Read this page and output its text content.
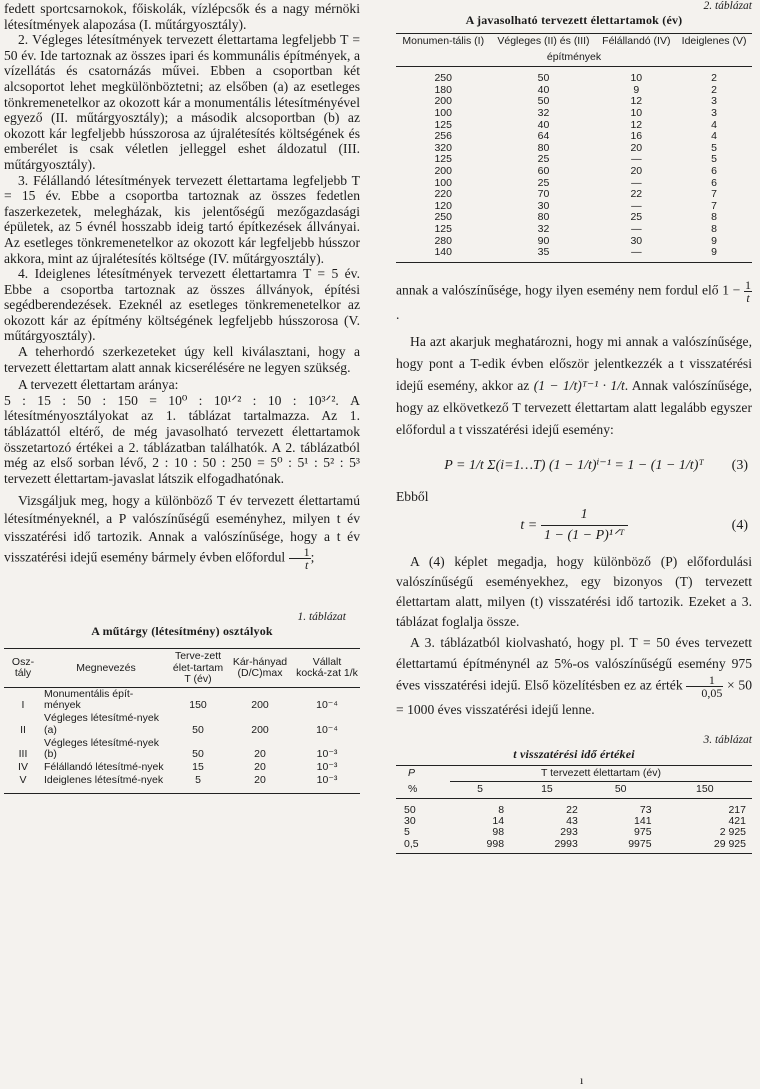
fedett sportcsarnokok, főiskolák, vízlépcsők és a nagy mérnöki létesítmények alapozása (I. műtárgyosztály).

2. Végleges létesítmények tervezett élettartama legfeljebb T = 50 év. Ide tartoznak az összes ipari és kommunális építmények, a vízellátás és csatornázás művei. Ebben a csoportban két alcsoportot lehet megkülönböztetni; az elsőben (a) az esetleges tönkremenetelkor az okozott kár a monumentális létesítményével egyező (II. műtárgyosztály); a második alcsoportban (b) az okozott kár legfeljebb hússzorosa az újralétesítés költségének és emberélet is csak véletlen jelleggel eshet áldozatul (III. műtárgyosztály).

3. Félállandó létesítmények tervezett élettartama legfeljebb T = 15 év. Ebbe a csoportba tartoznak az összes fedetlen faszerkezetek, melegházak, kis jelentőségű mezőgazdasági épületek, az 5 évnél hosszabb ideig tartó építkezések állványai. Az esetleges tönkremenetelkor az okozott kár legfeljebb hússzor akkora, mint az újralétesítés költsége (IV. műtárgyosztály).

4. Ideiglenes létesítmények tervezett élettartamra T = 5 év. Ebbe a csoportba tartoznak az összes állványok, építési segédberendezések. Ezeknél az esetleges tönkremenetelkor az okozott kár az építmény költségének legfeljebb hússzorosa (V. műtárgyosztály).

A teherhordó szerkezeteket úgy kell kiválasztani, hogy a tervezett élettartam alatt annak kicserélésére ne legyen szükség.

A tervezett élettartam aránya:

5 : 15 : 50 : 150 = 10⁰ : 10¹ᐟ² : 10 : 10³ᐟ². A létesítményosztályokat az 1. táblázat tartalmazza. Az 1. táblázattól eltérő, de még javasolható tervezett élettartamok összetartozó értékei a 2. táblázatban találhatók. A 2. táblázatból még az első sorban lévő, 2 : 10 : 50 : 250 = 5⁰ : 5¹ : 5² : 5³ tervezett élettartam-javaslat látszik elfogadhatónak.

Vizsgáljuk meg, hogy a különböző T év tervezett élettartamú létesítményeknél, a P valószínűségű eseményhez, milyen t év visszatérési idő tartozik. Annak a valószínűsége, hogy a t év visszatérési idejű esemény bármely évben előfordul $\frac{1}{t}$ ;

1. táblázat
A műtárgy (létesítmény) osztályok
Osz-tály	Megnevezés	Terve-zett élet-tartam T (év)	Kár-hányad (D/C)max	Vállalt kocká-zat 1/k
I	Monumentális épít-mények	150	200	10⁻⁴
II	Végleges létesítmé-nyek (a)	50	200	10⁻⁴
III	Végleges létesítmé-nyek (b)	50	20	10⁻³
IV	Félállandó létesítmé-nyek	15	20	10⁻³
V	Ideiglenes létesítmé-nyek	5	20	10⁻³
2. táblázat
A javasolható tervezett élettartamok (év)
Monumen-tális (I)	Végleges (II) és (III)	Félállandó (IV)	Ideiglenes (V)
építmények			
250	50	10	2
180	40	9	2
200	50	12	3
100	32	10	3
125	40	12	4
256	64	16	4
320	80	20	5
125	25	—	5
200	60	20	6
100	25	—	6
220	70	22	7
120	30	—	7
250	80	25	8
125	32	—	8
280	90	30	9
140	35	—	9

annak a valószínűsége, hogy ilyen esemény nem fordul elő $1 - \frac{1}{t}$
.

Ha azt akarjuk meghatározni, hogy mi annak a valószínűsége, hogy pont a T-edik évben először jelentkezzék a t visszatérési idejű esemény, akkor az (1 − 1/t)ᵀ⁻¹ · 1/t. Annak valószínűsége, hogy az elkövetkező T tervezett élettartam alatt legalább egyszer előfordul a t visszatérési idejű esemény:

P = 1/t Σ(i=1…T) (1 − 1/t)ⁱ⁻¹ = 1 − (1 − 1/t)ᵀ (3)

Ebből

$t = \frac{1}{\text{1 − (1 − P)¹ᐟᵀ}}$	(4)

A (4) képlet megadja, hogy különböző (P) előfordulási valószínűségű eseményekhez, egy bizonyos (T) tervezett élettartam alatt, milyen (t) visszatérési idő tartozik. Ezeket a 3. táblázat foglalja össze.

A 3. táblázatból kiolvasható, hogy pl. T = 50 éves tervezett élettartamú építménynél az 5%-os valószínűségű esemény 975 éves visszatérési idejű. Első közelítésben ez az érték $\frac{1}{0,05} \times 50 = 1000$ éves visszatérési idejű lenne.

3. táblázat
t visszatérési idő értékei
P	T tervezett élettartam (év)			
%	5	15	50	150
50	8	22	73	217
30	14	43	141	421
5	98	293	975	2 925
0,5	998	2993	9975	29 925
ı
